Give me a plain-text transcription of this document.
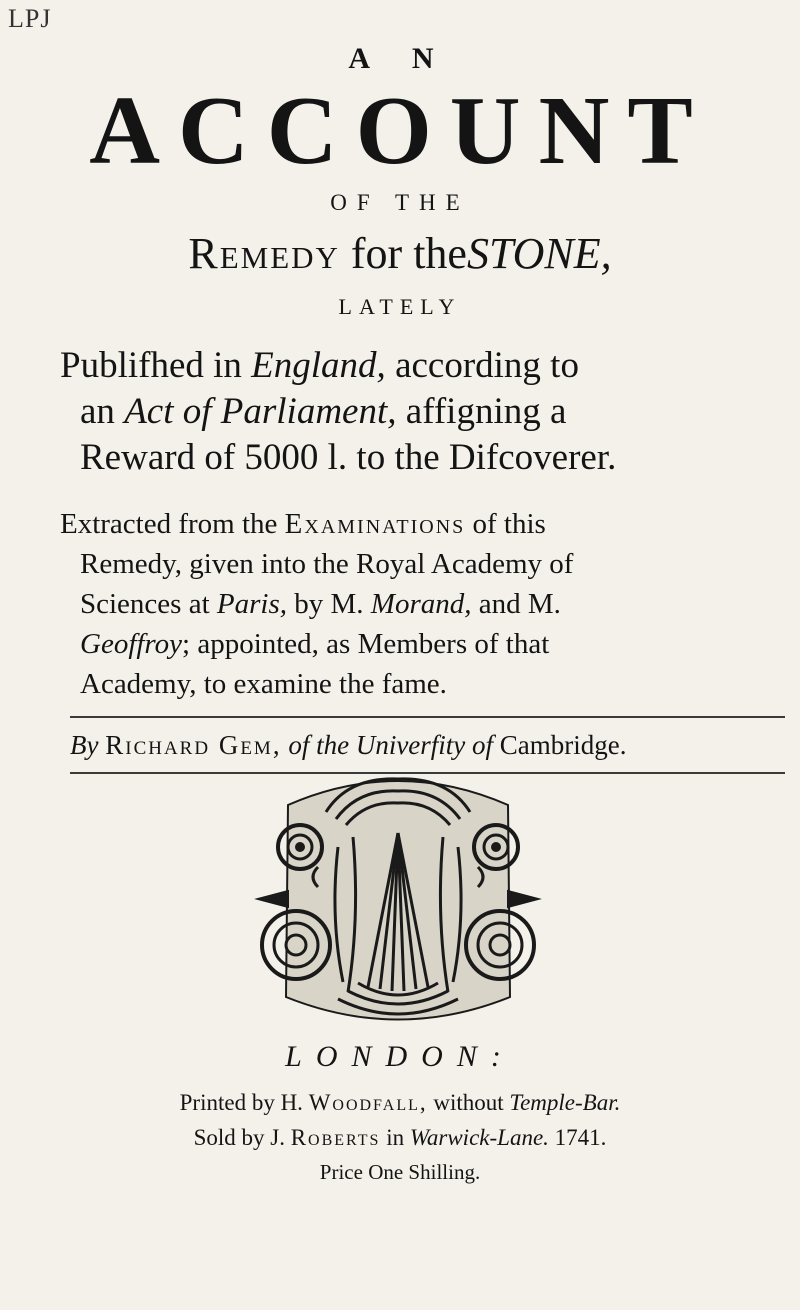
LPJ
A N
ACCOUNT
OF THE
Remedy for theSTONE,
LATELY
Publifhed in England, according to
an Act of Parliament, affigning a
Reward of 5000 l. to the Difcoverer.
Extracted from the Examinations of this
Remedy, given into the Royal Academy of
Sciences at Paris, by M. Morand, and M.
Geoffroy; appointed, as Members of that
Academy, to examine the fame.
By Richard Gem, of the Univerfity of Cambridge.
LONDON:
Printed by H. Woodfall, without Temple-Bar.
Sold by J. Roberts in Warwick-Lane. 1741.
Price One Shilling.
